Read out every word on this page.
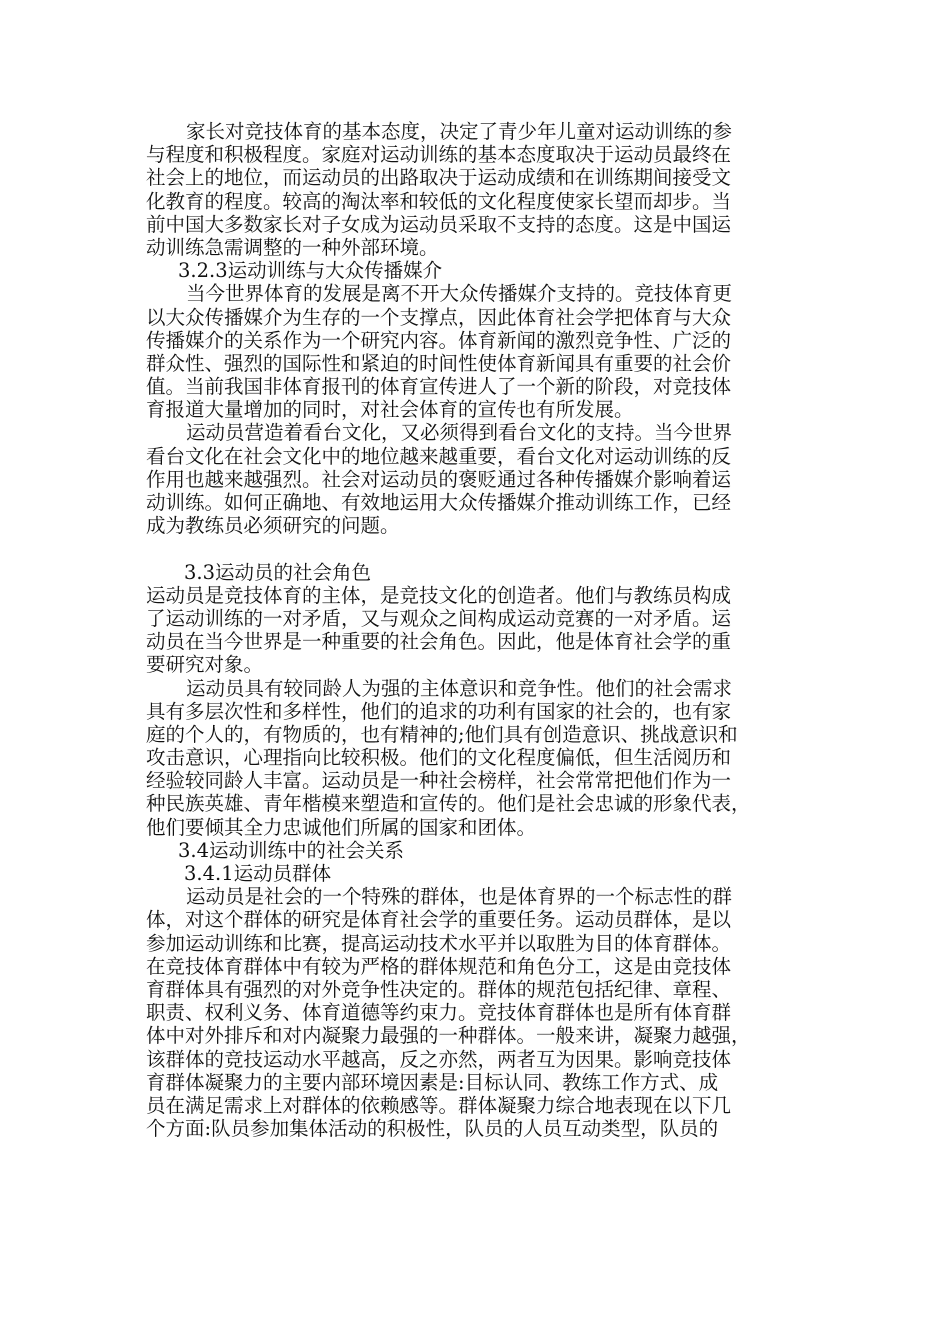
家长对竞技体育的基本态度，决定了青少年儿童对运动训练的参
与程度和积极程度。家庭对运动训练的基本态度取决于运动员最终在
社会上的地位，而运动员的出路取决于运动成绩和在训练期间接受文
化教育的程度。较高的淘汰率和较低的文化程度使家长望而却步。当
前中国大多数家长对子女成为运动员采取不支持的态度。这是中国运
动训练急需调整的一种外部环境。
3.2.3运动训练与大众传播媒介
当今世界体育的发展是离不开大众传播媒介支持的。竞技体育更
以大众传播媒介为生存的一个支撑点，因此体育社会学把体育与大众
传播媒介的关系作为一个研究内容。体育新闻的激烈竞争性、广泛的
群众性、强烈的国际性和紧迫的时间性使体育新闻具有重要的社会价
值。当前我国非体育报刊的体育宣传进人了一个新的阶段，对竞技体
育报道大量增加的同时，对社会体育的宣传也有所发展。
运动员营造着看台文化，又必须得到看台文化的支持。当今世界
看台文化在社会文化中的地位越来越重要，看台文化对运动训练的反
作用也越来越强烈。社会对运动员的褒贬通过各种传播媒介影响着运
动训练。如何正确地、有效地运用大众传播媒介推动训练工作，已经
成为教练员必须研究的问题。
3.3运动员的社会角色
运动员是竞技体育的主体，是竞技文化的创造者。他们与教练员构成
了运动训练的一对矛盾，又与观众之间构成运动竞赛的一对矛盾。运
动员在当今世界是一种重要的社会角色。因此，他是体育社会学的重
要研究对象。
运动员具有较同龄人为强的主体意识和竞争性。他们的社会需求
具有多层次性和多样性，他们的追求的功利有国家的社会的，也有家
庭的个人的，有物质的，也有精神的;他们具有创造意识、挑战意识和
攻击意识，心理指向比较积极。他们的文化程度偏低，但生活阅历和
经验较同龄人丰富。运动员是一种社会榜样，社会常常把他们作为一
种民族英雄、青年楷模来塑造和宣传的。他们是社会忠诚的形象代表，
他们要倾其全力忠诚他们所属的国家和团体。
3.4运动训练中的社会关系
3.4.1运动员群体
运动员是社会的一个特殊的群体，也是体育界的一个标志性的群
体，对这个群体的研究是体育社会学的重要任务。运动员群体，是以
参加运动训练和比赛，提高运动技术水平并以取胜为目的体育群体。
在竞技体育群体中有较为严格的群体规范和角色分工，这是由竞技体
育群体具有强烈的对外竞争性决定的。群体的规范包括纪律、章程、
职责、权利义务、体育道德等约束力。竞技体育群体也是所有体育群
体中对外排斥和对内凝聚力最强的一种群体。一般来讲，凝聚力越强，
该群体的竞技运动水平越高，反之亦然，两者互为因果。影响竞技体
育群体凝聚力的主要内部环境因素是:目标认同、教练工作方式、成
员在满足需求上对群体的依赖感等。群体凝聚力综合地表现在以下几
个方面:队员参加集体活动的积极性，队员的人员互动类型，队员的
